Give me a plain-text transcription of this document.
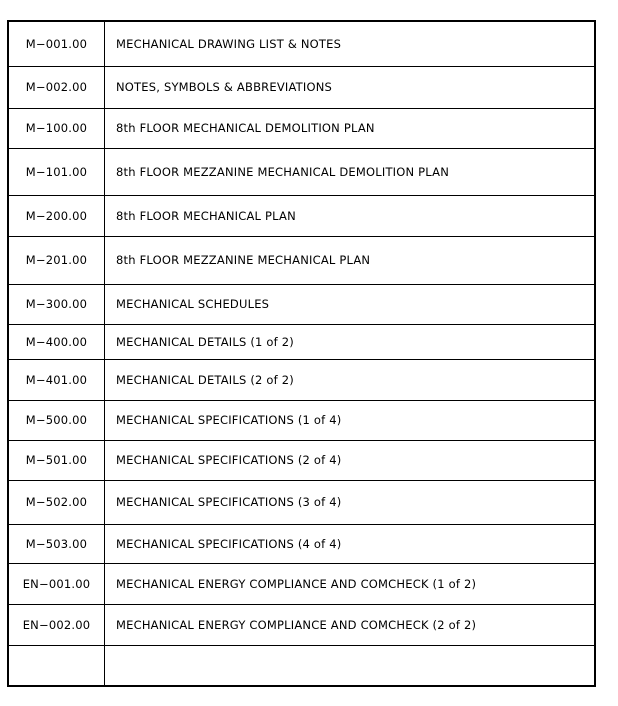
M−001.00	MECHANICAL DRAWING LIST & NOTES
M−002.00	NOTES, SYMBOLS & ABBREVIATIONS
M−100.00	8th FLOOR MECHANICAL DEMOLITION PLAN
M−101.00	8th FLOOR MEZZANINE MECHANICAL DEMOLITION PLAN
M−200.00	8th FLOOR MECHANICAL PLAN
M−201.00	8th FLOOR MEZZANINE MECHANICAL PLAN
M−300.00	MECHANICAL SCHEDULES
M−400.00	MECHANICAL DETAILS (1 of 2)
M−401.00	MECHANICAL DETAILS (2 of 2)
M−500.00	MECHANICAL SPECIFICATIONS (1 of 4)
M−501.00	MECHANICAL SPECIFICATIONS (2 of 4)
M−502.00	MECHANICAL SPECIFICATIONS (3 of 4)
M−503.00	MECHANICAL SPECIFICATIONS (4 of 4)
EN−001.00	MECHANICAL ENERGY COMPLIANCE AND COMCHECK (1 of 2)
EN−002.00	MECHANICAL ENERGY COMPLIANCE AND COMCHECK (2 of 2)
